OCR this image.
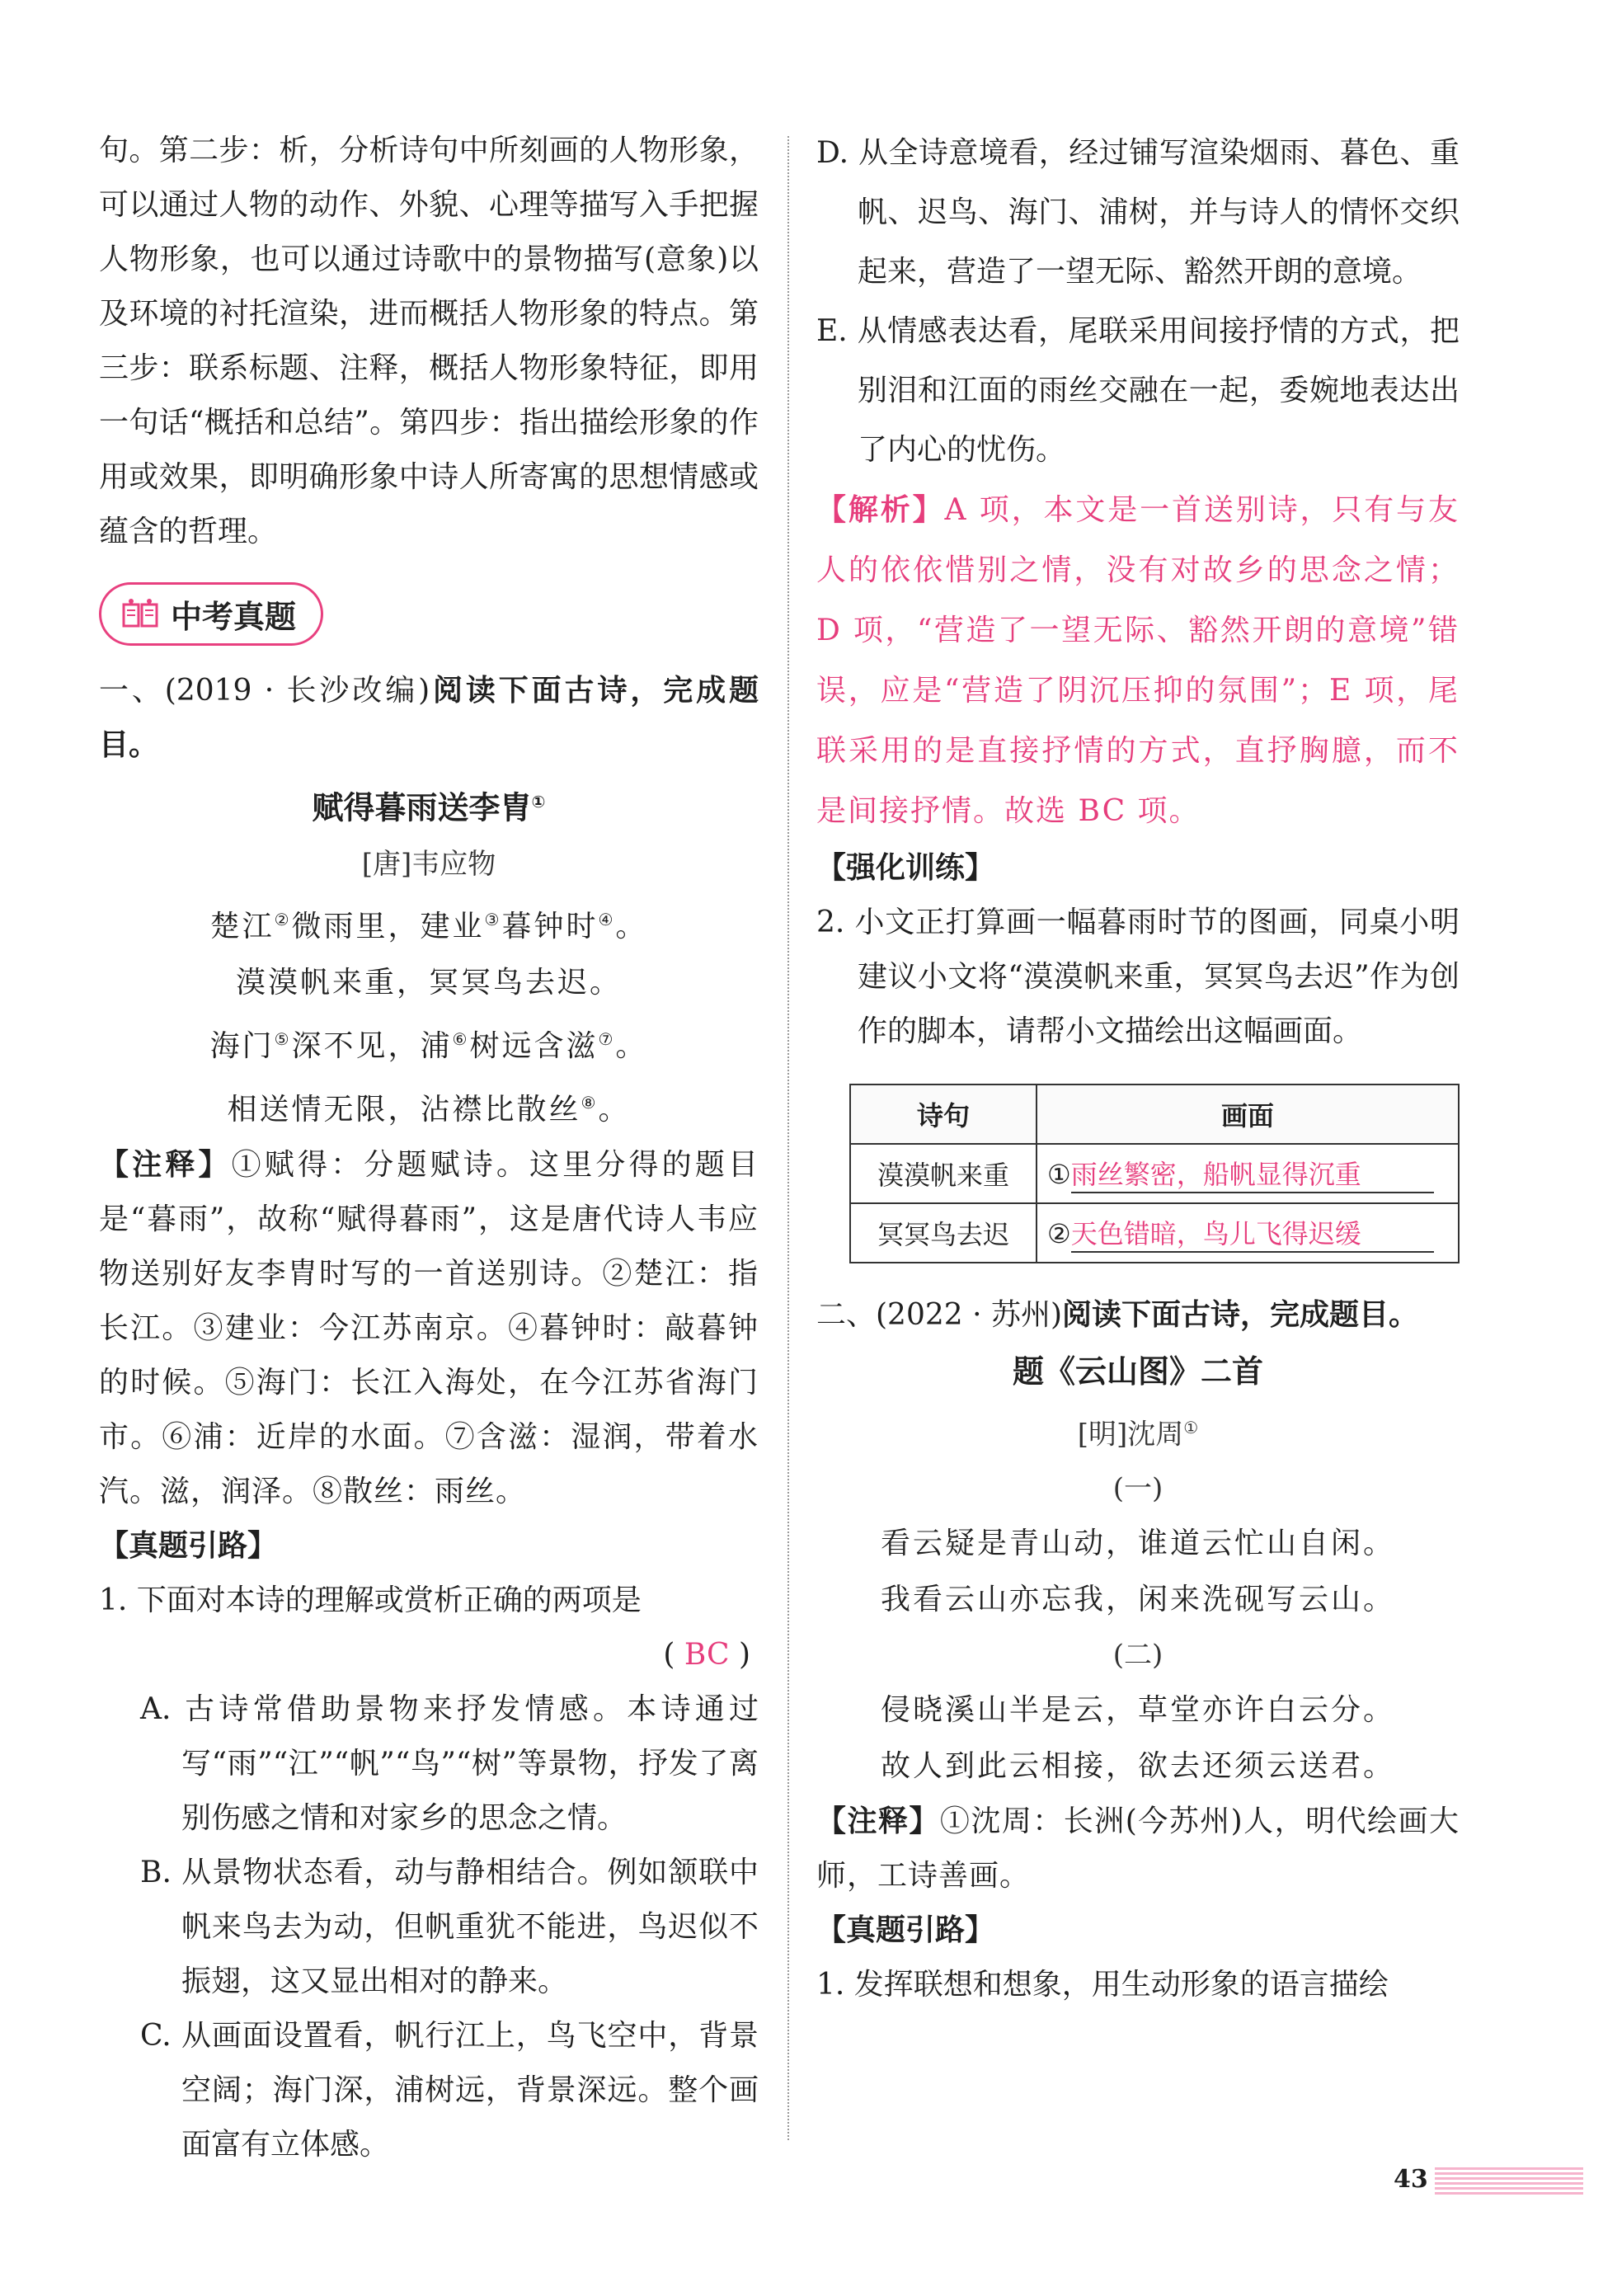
句。第二步：析，分析诗句中所刻画的人物形象，可以通过人物的动作、外貌、心理等描写入手把握人物形象，也可以通过诗歌中的景物描写(意象)以及环境的衬托渲染，进而概括人物形象的特点。第三步：联系标题、注释，概括人物形象特征，即用一句话“概括和总结”。第四步：指出描绘形象的作用或效果，即明确形象中诗人所寄寓的思想情感或蕴含的哲理。

中考真题

一、(2019 · 长沙改编)阅读下面古诗，完成题目。

赋得暮雨送李胄①

[唐]韦应物

楚江②微雨里，建业③暮钟时④。

漠漠帆来重，冥冥鸟去迟。

海门⑤深不见，浦⑥树远含滋⑦。

相送情无限，沾襟比散丝⑧。

【注释】①赋得：分题赋诗。这里分得的题目是“暮雨”，故称“赋得暮雨”，这是唐代诗人韦应物送别好友李胄时写的一首送别诗。②楚江：指长江。③建业：今江苏南京。④暮钟时：敲暮钟的时候。⑤海门：长江入海处，在今江苏省海门市。⑥浦：近岸的水面。⑦含滋：湿润，带着水汽。滋，润泽。⑧散丝：雨丝。

【真题引路】

1. 下面对本诗的理解或赏析正确的两项是

( BC )

A. 古诗常借助景物来抒发情感。本诗通过写“雨”“江”“帆”“鸟”“树”等景物，抒发了离别伤感之情和对家乡的思念之情。

B. 从景物状态看，动与静相结合。例如颔联中帆来鸟去为动，但帆重犹不能进，鸟迟似不振翅，这又显出相对的静来。

C. 从画面设置看，帆行江上，鸟飞空中，背景空阔；海门深，浦树远，背景深远。整个画面富有立体感。

D. 从全诗意境看，经过铺写渲染烟雨、暮色、重帆、迟鸟、海门、浦树，并与诗人的情怀交织起来，营造了一望无际、豁然开朗的意境。

E. 从情感表达看，尾联采用间接抒情的方式，把别泪和江面的雨丝交融在一起，委婉地表达出了内心的忧伤。

【解析】A 项，本文是一首送别诗，只有与友人的依依惜别之情，没有对故乡的思念之情；D 项，“营造了一望无际、豁然开朗的意境”错误，应是“营造了阴沉压抑的氛围”；E 项，尾联采用的是直接抒情的方式，直抒胸臆，而不是间接抒情。故选 BC 项。

【强化训练】

2. 小文正打算画一幅暮雨时节的图画，同桌小明建议小文将“漠漠帆来重，冥冥鸟去迟”作为创作的脚本，请帮小文描绘出这幅画面。

诗句	画面
漠漠帆来重	①雨丝繁密，船帆显得沉重
冥冥鸟去迟	②天色错暗，鸟儿飞得迟缓

二、(2022 · 苏州)阅读下面古诗，完成题目。

题《云山图》二首

[明]沈周①

(一)

看云疑是青山动，谁道云忙山自闲。

我看云山亦忘我，闲来洗砚写云山。

(二)

侵晓溪山半是云，草堂亦许白云分。

故人到此云相接，欲去还须云送君。

【注释】①沈周：长洲(今苏州)人，明代绘画大师，工诗善画。

【真题引路】

1. 发挥联想和想象，用生动形象的语言描绘

43
